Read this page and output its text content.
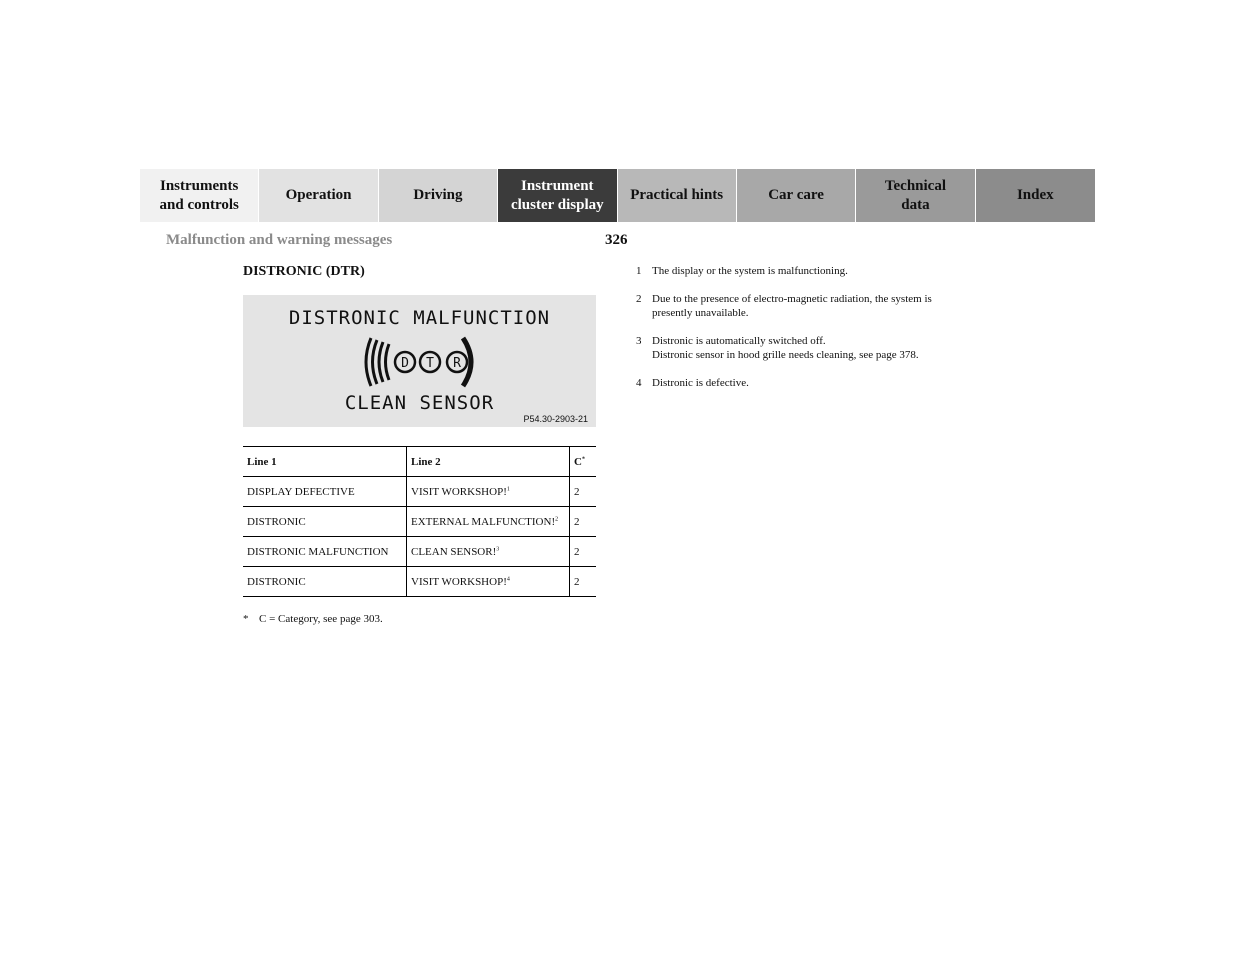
Instruments
and controls
Operation	Driving
Instrument
cluster display
Practical hints	Car care
Technical
data
Index
Malfunction and warning messages	326
DISTRONIC (DTR)
DISTRONIC MALFUNCTION
D T R
CLEAN SENSOR
P54.30-2903-21
Line 1	Line 2	C*
DISPLAY DEFECTIVE	VISIT WORKSHOP!$^1$	2
DISTRONIC	EXTERNAL MALFUNCTION!$^2$	2
DISTRONIC MALFUNCTION	CLEAN SENSOR!$^3$	2
DISTRONIC	VISIT WORKSHOP!$^4$	2
* C = Category, see page 303.
1 The display or the system is malfunctioning.
2 Due to the presence of electro-magnetic radiation, the system is
presently unavailable.
3 Distronic is automatically switched off.
Distronic sensor in hood grille needs cleaning, see page 378.
4 Distronic is defective.
